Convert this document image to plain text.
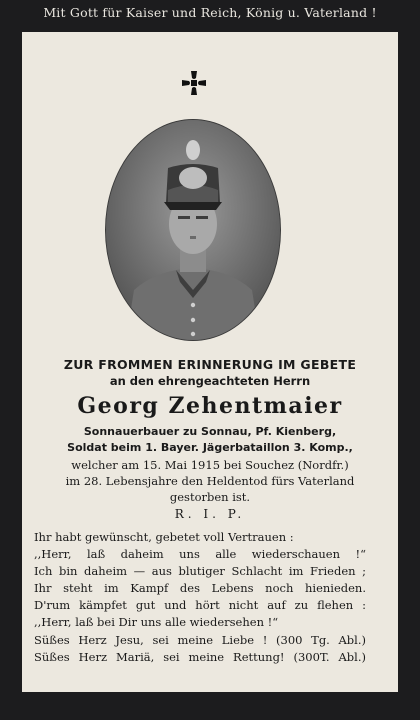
Mit Gott für Kaiser und Reich, König u. Vaterland !
ZUR FROMMEN ERINNERUNG IM GEBETE
an den ehrengeachteten Herrn
Georg Zehentmaier
Sonnauerbauer zu Sonnau, Pf. Kienberg,
Soldat beim 1. Bayer. Jägerbataillon 3. Komp.,
welcher am 15. Mai 1915 bei Souchez (Nordfr.)
im 28. Lebensjahre den Heldentod fürs Vaterland
gestorben ist.
R. I. P.
Ihr habt gewünscht, gebetet voll Vertrauen :
,,Herr, laß daheim uns alle wiederschauen !“
Ich bin daheim — aus blutiger Schlacht im Frieden ;
Ihr steht im Kampf des Lebens noch hienieden.
D'rum kämpfet gut und hört nicht auf zu flehen :
,,Herr, laß bei Dir uns alle wiedersehen !“
Süßes Herz Jesu, sei meine Liebe ! (300 Tg. Abl.)
Süßes Herz Mariä, sei meine Rettung! (300T. Abl.)
